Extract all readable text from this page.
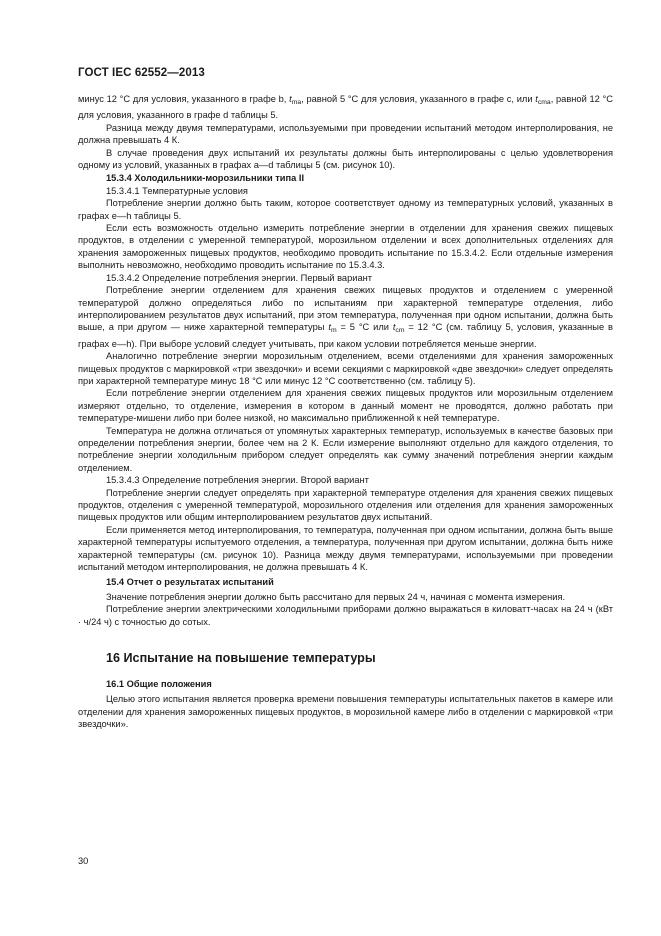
ГОСТ IEC 62552—2013

минус 12 °С для условия, указанного в графе b, $t_{ma}$, равной 5 °С для условия, указанного в графе с, или $t_{cma}$, равной 12 °С для условия, указанного в графе d таблицы 5.

Разница между двумя температурами, используемыми при проведении испытаний методом интерполирования, не должна превышать 4 К.

В случае проведения двух испытаний их результаты должны быть интерполированы с целью удовлетворения одному из условий, указанных в графах a—d таблицы 5 (см. рисунок 10).

15.3.4 Холодильники-морозильники типа II

15.3.4.1 Температурные условия

Потребление энергии должно быть таким, которое соответствует одному из температурных условий, указанных в графах e—h таблицы 5.

Если есть возможность отдельно измерить потребление энергии в отделении для хранения свежих пищевых продуктов, в отделении с умеренной температурой, морозильном отделении и всех дополнительных отделениях для хранения замороженных пищевых продуктов, необходимо проводить испытание по 15.3.4.2. Если отдельные измерения выполнить невозможно, необходимо проводить испытание по 15.3.4.3.

15.3.4.2 Определение потребления энергии. Первый вариант

Потребление энергии отделением для хранения свежих пищевых продуктов и отделением с умеренной температурой должно определяться либо по испытаниям при характерной температуре отделения, либо интерполированием результатов двух испытаний, при этом температура, полученная при одном испытании, должна быть выше, а при другом — ниже характерной температуры $t_m = 5$ °С или $t_{cm} = 12$ °С (см. таблицу 5, условия, указанные в графах e—h). При выборе условий следует учитывать, при каком условии потребляется меньше энергии.

Аналогично потребление энергии морозильным отделением, всеми отделениями для хранения замороженных пищевых продуктов с маркировкой «три звездочки» и всеми секциями с маркировкой «две звездочки» следует определять при характерной температуре минус 18 °С или минус 12 °С соответственно (см. таблицу 5).

Если потребление энергии отделением для хранения свежих пищевых продуктов или морозильным отделением измеряют отдельно, то отделение, измерения в котором в данный момент не проводятся, должно работать при температуре-мишени либо при более низкой, но максимально приближенной к ней температуре.

Температура не должна отличаться от упомянутых характерных температур, используемых в качестве базовых при определении потребления энергии, более чем на 2 К. Если измерение выполняют отдельно для каждого отделения, то потребление энергии холодильным прибором следует определять как сумму значений потребления энергии каждым отделением.

15.3.4.3 Определение потребления энергии. Второй вариант

Потребление энергии следует определять при характерной температуре отделения для хранения свежих пищевых продуктов, отделения с умеренной температурой, морозильного отделения или отделения для хранения замороженных пищевых продуктов или общим интерполированием результатов двух испытаний.

Если применяется метод интерполирования, то температура, полученная при одном испытании, должна быть выше характерной температуры испытуемого отделения, а температура, полученная при другом испытании, должна быть ниже характерной температуры (см. рисунок 10). Разница между двумя температурами, используемыми при проведении испытаний методом интерполирования, не должна превышать 4 К.

15.4 Отчет о результатах испытаний

Значение потребления энергии должно быть рассчитано для первых 24 ч, начиная с момента измерения.

Потребление энергии электрическими холодильными приборами должно выражаться в киловатт-часах на 24 ч (кВт · ч/24 ч) с точностью до сотых.

16 Испытание на повышение температуры

16.1 Общие положения

Целью этого испытания является проверка времени повышения температуры испытательных пакетов в камере или отделении для хранения замороженных пищевых продуктов, в морозильной камере либо в отделении с маркировкой «три звездочки».

30
